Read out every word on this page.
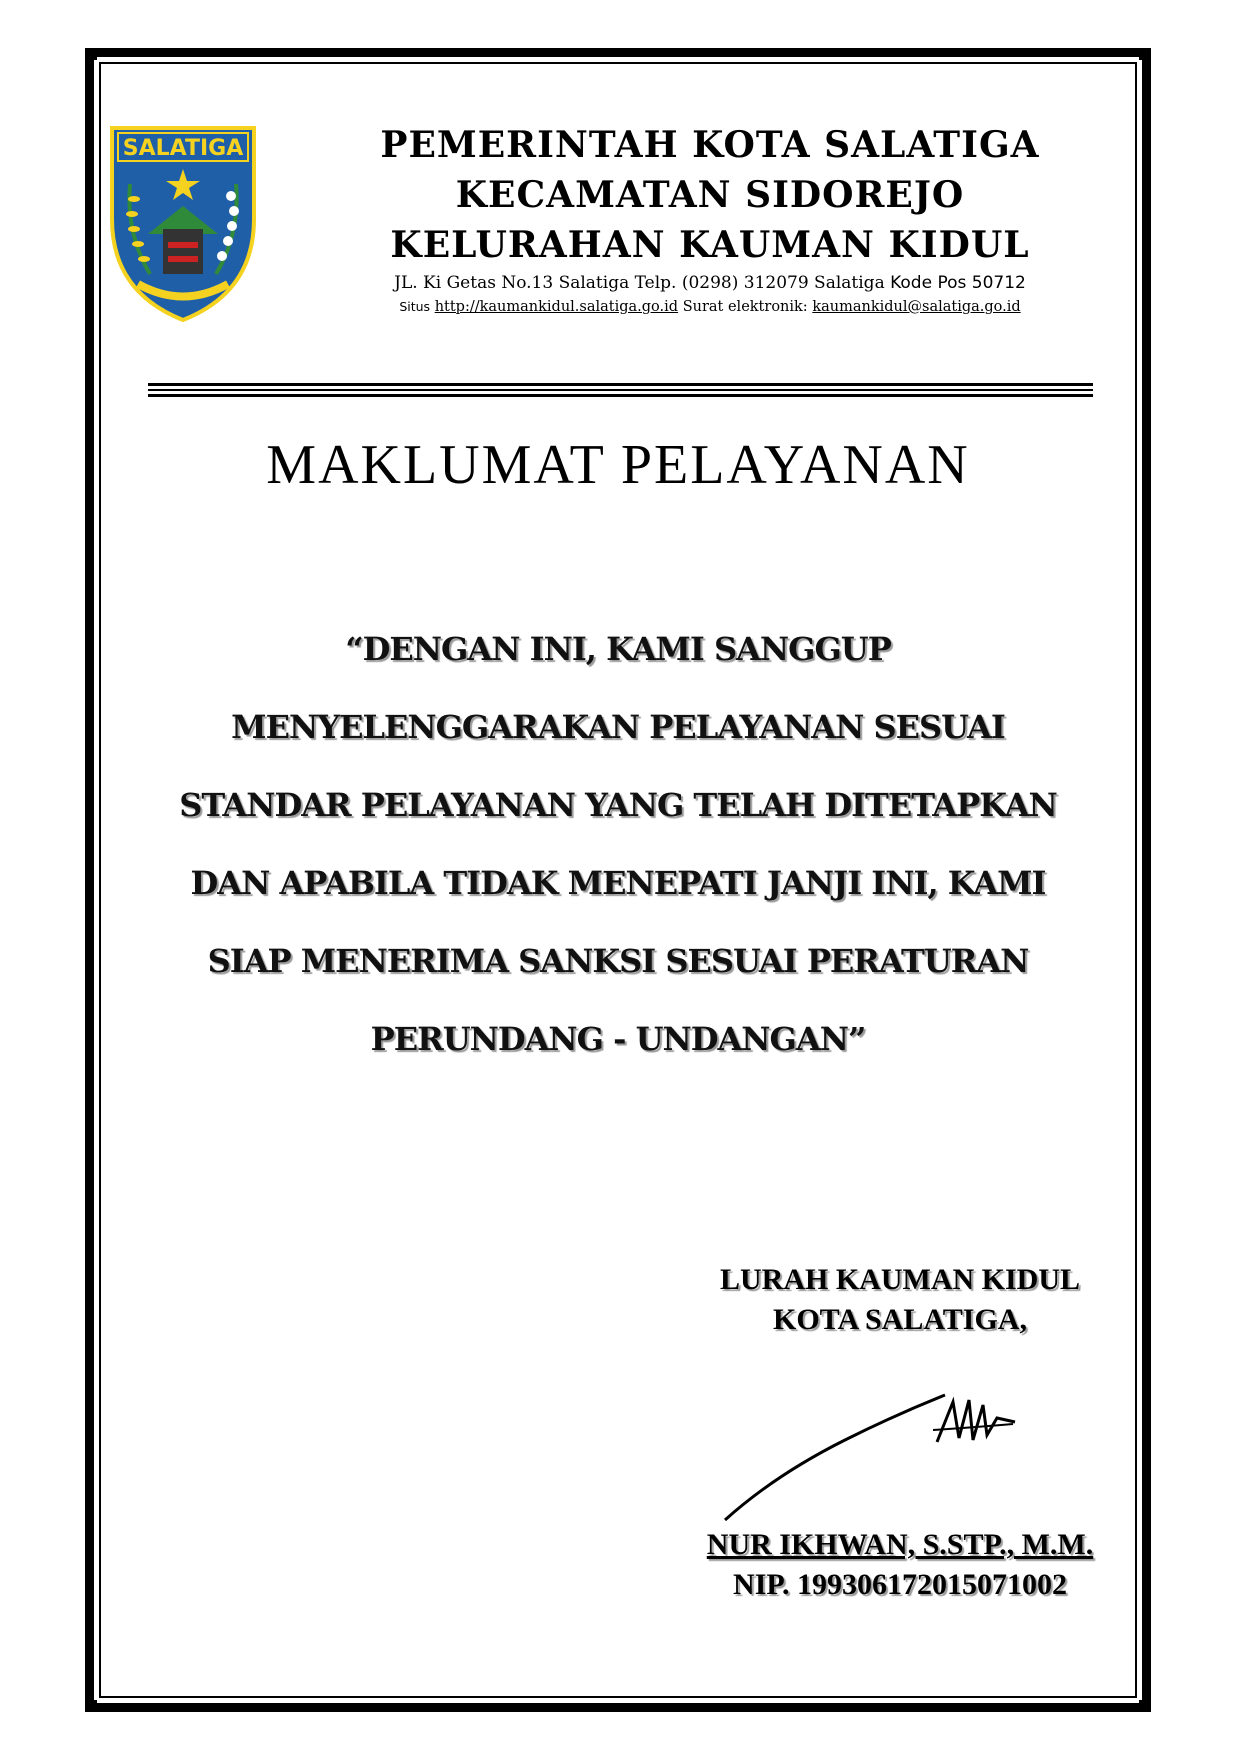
SALATIGA	PEMERINTAH KOTA SALATIGA
KECAMATAN SIDOREJO
KELURAHAN KAUMAN KIDUL
JL. Ki Getas No.13 Salatiga Telp. (0298) 312079 Salatiga Kode Pos 50712
Situs http://kaumankidul.salatiga.go.id Surat elektronik: kaumankidul@salatiga.go.id
MAKLUMAT PELAYANAN
“DENGAN INI, KAMI SANGGUP
MENYELENGGARAKAN PELAYANAN SESUAI
STANDAR PELAYANAN YANG TELAH DITETAPKAN
DAN APABILA TIDAK MENEPATI JANJI INI, KAMI
SIAP MENERIMA SANKSI SESUAI PERATURAN
PERUNDANG - UNDANGAN”
LURAH KAUMAN KIDUL
KOTA SALATIGA,
NUR IKHWAN, S.STP., M.M.
NIP. 199306172015071002
